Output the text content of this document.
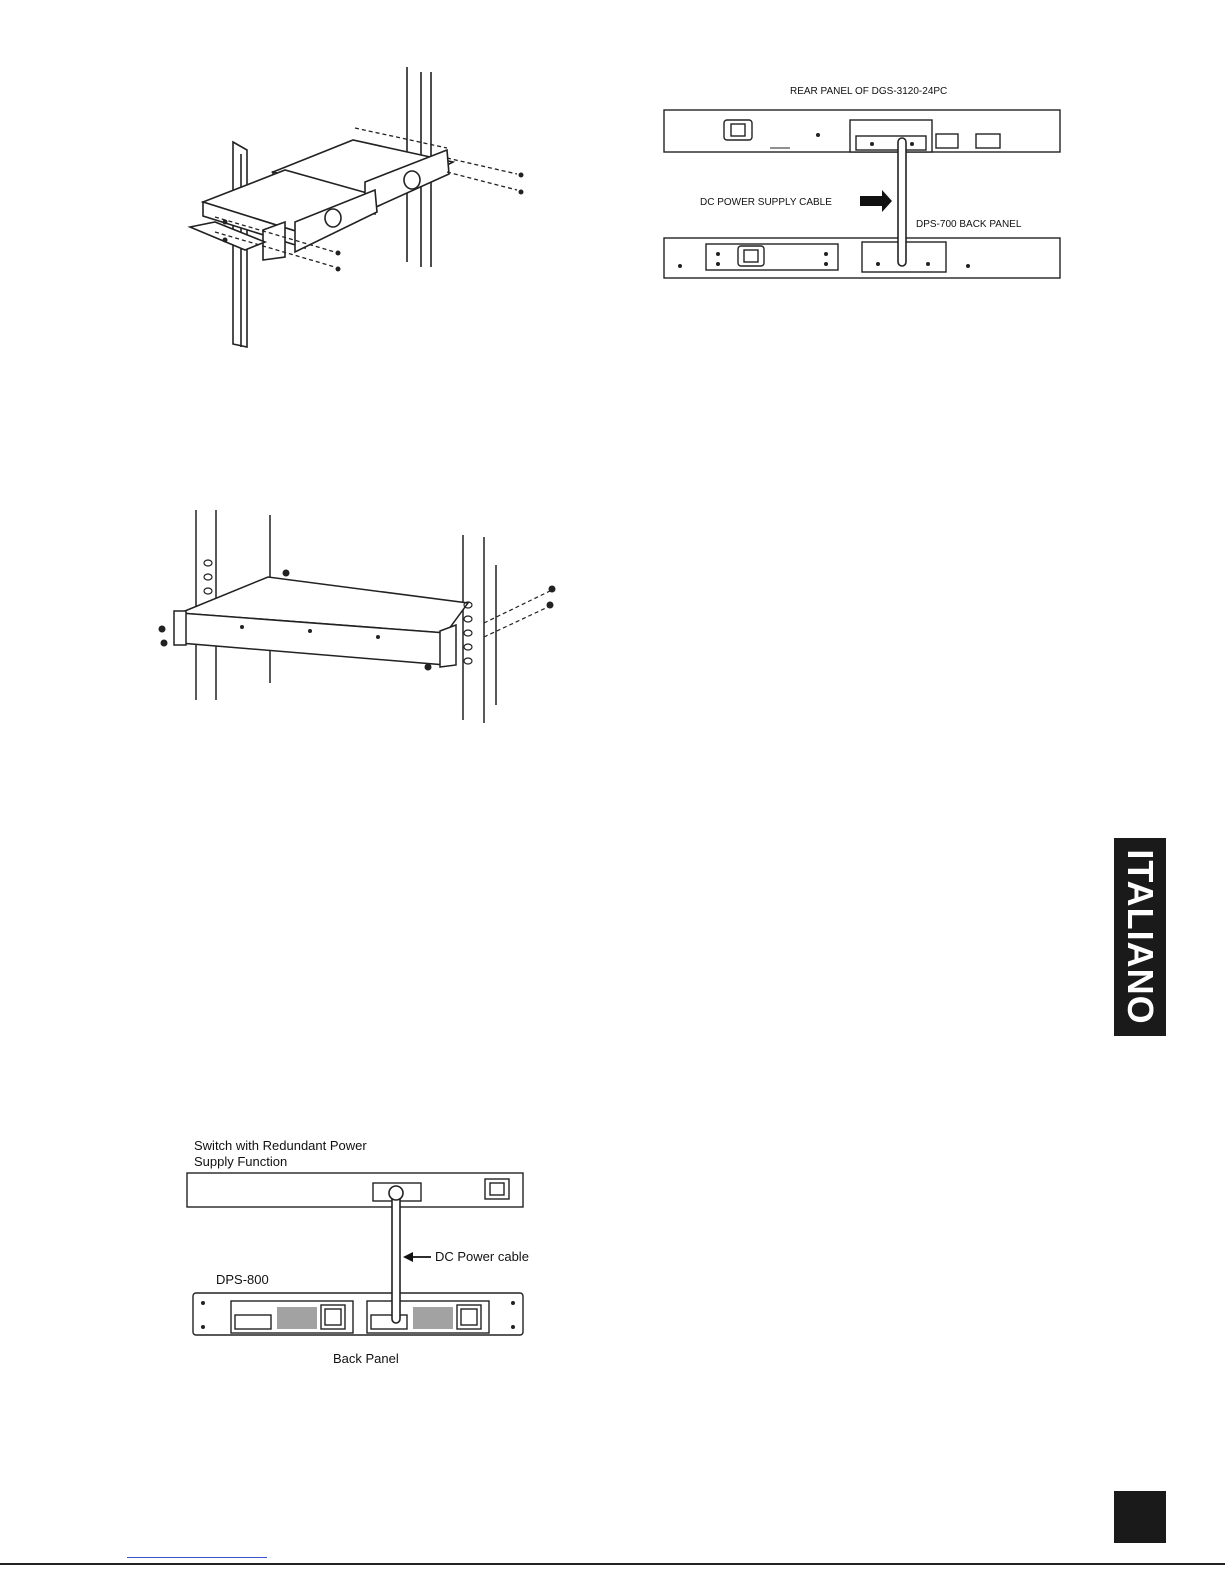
REAR PANEL OF DGS-3120-24PC
DC POWER SUPPLY CABLE
DPS-700 BACK PANEL
Switch with Redundant Power
Supply Function
DC Power cable
DPS-800
Back Panel
ITALIANO
